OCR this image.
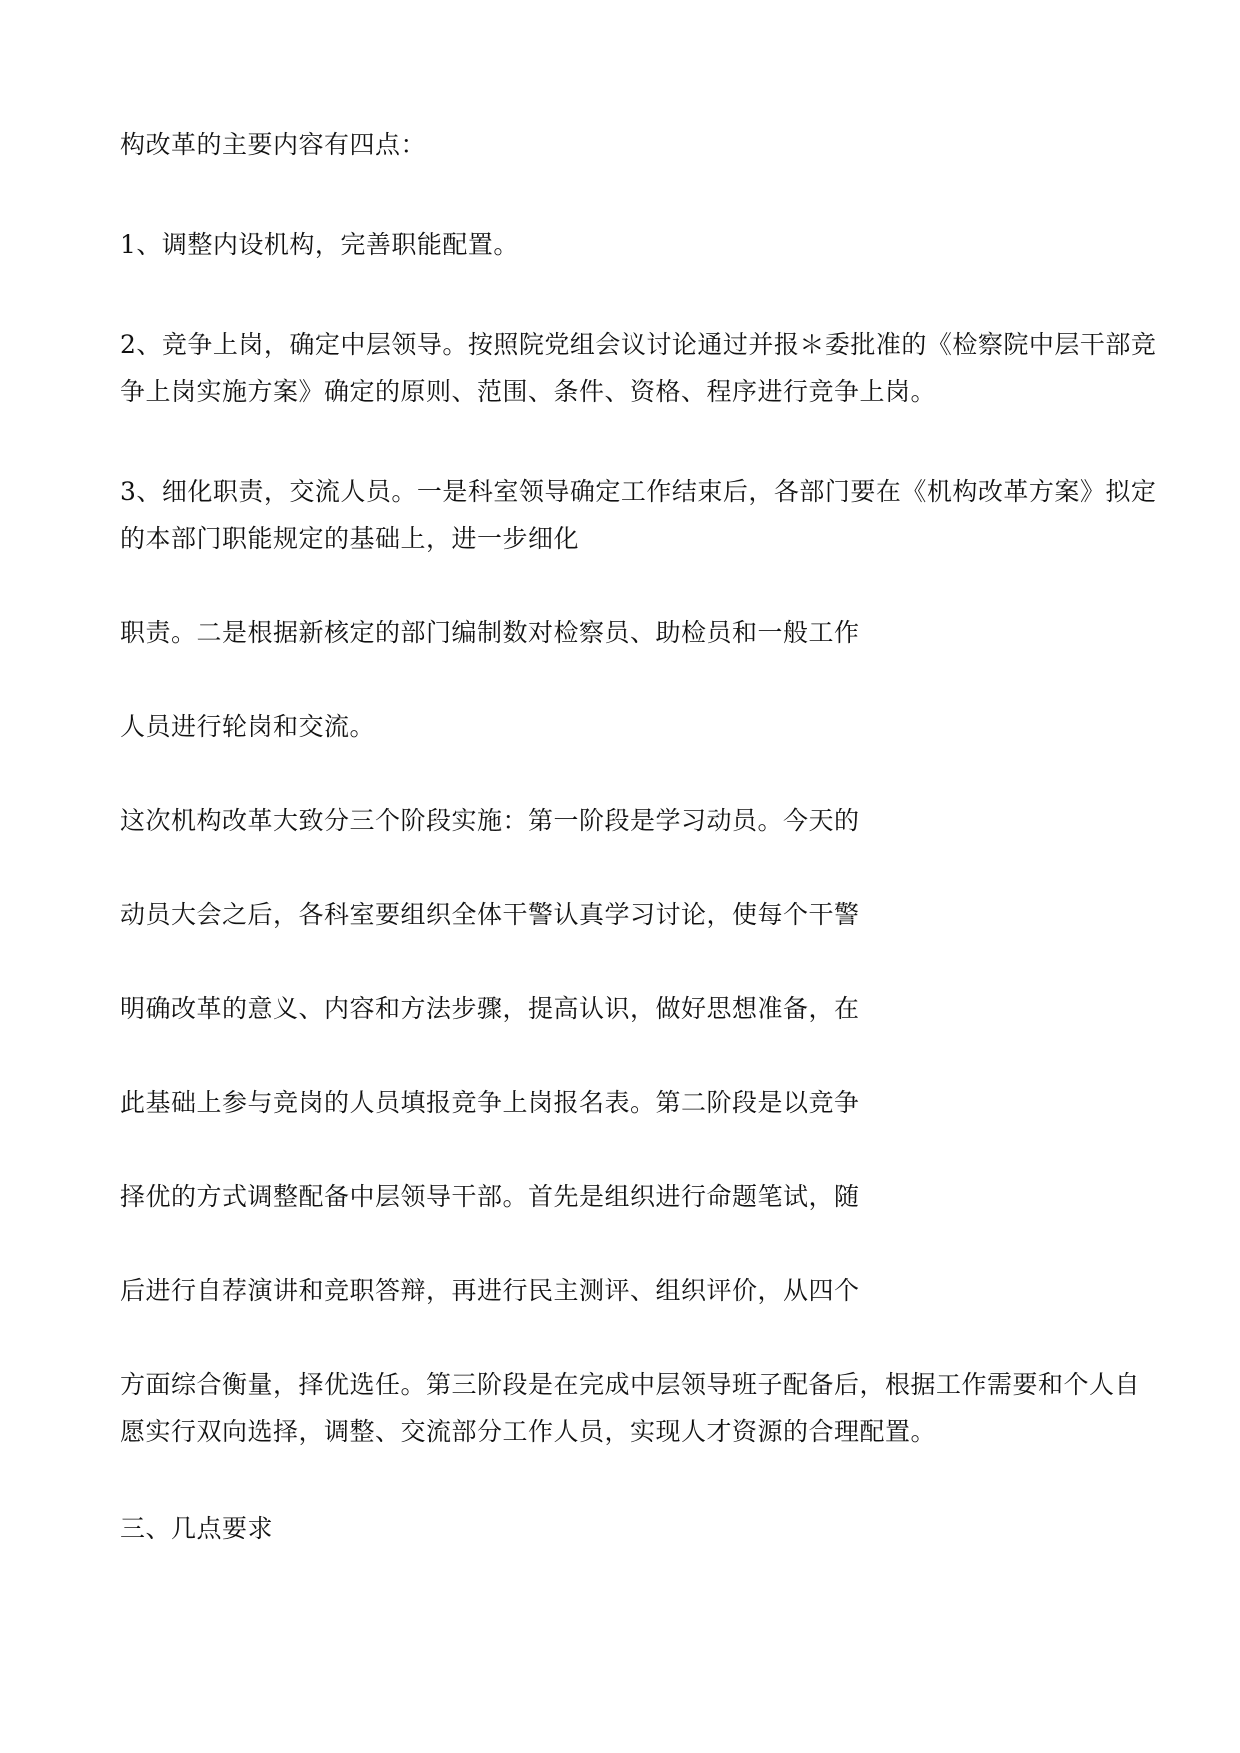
构改革的主要内容有四点：

1、调整内设机构，完善职能配置。

2、竞争上岗，确定中层领导。按照院党组会议讨论通过并报＊委批准的《检察院中层干部竞

争上岗实施方案》确定的原则、范围、条件、资格、程序进行竞争上岗。

3、细化职责，交流人员。一是科室领导确定工作结束后，各部门要在《机构改革方案》拟定

的本部门职能规定的基础上，进一步细化

职责。二是根据新核定的部门编制数对检察员、助检员和一般工作

人员进行轮岗和交流。

这次机构改革大致分三个阶段实施：第一阶段是学习动员。今天的

动员大会之后，各科室要组织全体干警认真学习讨论，使每个干警

明确改革的意义、内容和方法步骤，提高认识，做好思想准备，在

此基础上参与竞岗的人员填报竞争上岗报名表。第二阶段是以竞争

择优的方式调整配备中层领导干部。首先是组织进行命题笔试，随

后进行自荐演讲和竞职答辩，再进行民主测评、组织评价，从四个

方面综合衡量，择优选任。第三阶段是在完成中层领导班子配备后，根据工作需要和个人自

愿实行双向选择，调整、交流部分工作人员，实现人才资源的合理配置。

三、几点要求
